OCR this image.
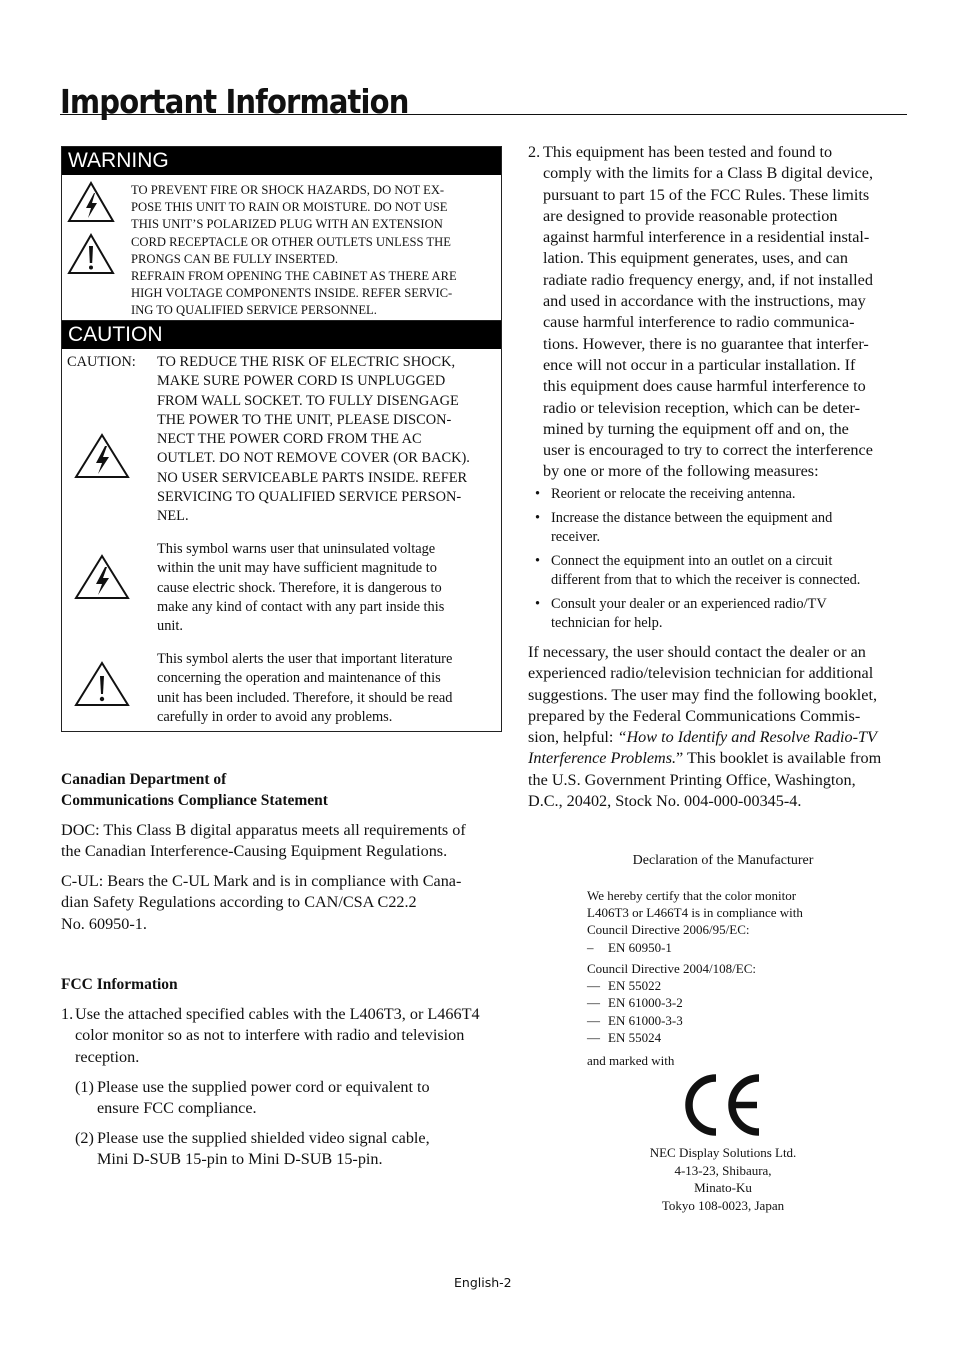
Important Information
WARNING
TO PREVENT FIRE OR SHOCK HAZARDS, DO NOT EX-
POSE THIS UNIT TO RAIN OR MOISTURE. DO NOT USE
THIS UNIT’S POLARIZED PLUG WITH AN EXTENSION
CORD RECEPTACLE OR OTHER OUTLETS UNLESS THE
PRONGS CAN BE FULLY INSERTED.
REFRAIN FROM OPENING THE CABINET AS THERE ARE
HIGH VOLTAGE COMPONENTS INSIDE. REFER SERVIC-
ING TO QUALIFIED SERVICE PERSONNEL.
CAUTION
CAUTION: TO REDUCE THE RISK OF ELECTRIC SHOCK,
MAKE SURE POWER CORD IS UNPLUGGED
FROM WALL SOCKET. TO FULLY DISENGAGE
THE POWER TO THE UNIT, PLEASE DISCON-
NECT THE POWER CORD FROM THE AC
OUTLET. DO NOT REMOVE COVER (OR BACK).
NO USER SERVICEABLE PARTS INSIDE. REFER
SERVICING TO QUALIFIED SERVICE PERSON-
NEL.
This symbol warns user that uninsulated voltage
within the unit may have sufficient magnitude to
cause electric shock. Therefore, it is dangerous to
make any kind of contact with any part inside this
unit.
This symbol alerts the user that important literature
concerning the operation and maintenance of this
unit has been included. Therefore, it should be read
carefully in order to avoid any problems.
Canadian Department of
Communications Compliance Statement
DOC: This Class B digital apparatus meets all requirements of
the Canadian Interference-Causing Equipment Regulations.
C-UL: Bears the C-UL Mark and is in compliance with Cana-
dian Safety Regulations according to CAN/CSA C22.2
No. 60950-1.
FCC Information
1. Use the attached specified cables with the L406T3, or L466T4
color monitor so as not to interfere with radio and television
reception.
(1) Please use the supplied power cord or equivalent to
ensure FCC compliance.
(2) Please use the supplied shielded video signal cable,
Mini D-SUB 15-pin to Mini D-SUB 15-pin.
2. This equipment has been tested and found to
comply with the limits for a Class B digital device,
pursuant to part 15 of the FCC Rules. These limits
are designed to provide reasonable protection
against harmful interference in a residential instal-
lation. This equipment generates, uses, and can
radiate radio frequency energy, and, if not installed
and used in accordance with the instructions, may
cause harmful interference to radio communica-
tions. However, there is no guarantee that interfer-
ence will not occur in a particular installation. If
this equipment does cause harmful interference to
radio or television reception, which can be deter-
mined by turning the equipment off and on, the
user is encouraged to try to correct the interference
by one or more of the following measures:
• Reorient or relocate the receiving antenna.
• Increase the distance between the equipment and
receiver.
• Connect the equipment into an outlet on a circuit
different from that to which the receiver is connected.
• Consult your dealer or an experienced radio/TV
technician for help.
If necessary, the user should contact the dealer or an
experienced radio/television technician for additional
suggestions. The user may find the following booklet,
prepared by the Federal Communications Commis-
sion, helpful: “How to Identify and Resolve Radio-TV
Interference Problems.” This booklet is available from
the U.S. Government Printing Office, Washington,
D.C., 20402, Stock No. 004-000-00345-4.
Declaration of the Manufacturer
We hereby certify that the color monitor
L406T3 or L466T4 is in compliance with
Council Directive 2006/95/EC:
– EN 60950-1
Council Directive 2004/108/EC:
— EN 55022
— EN 61000-3-2
— EN 61000-3-3
— EN 55024
and marked with
NEC Display Solutions Ltd.
4-13-23, Shibaura,
Minato-Ku
Tokyo 108-0023, Japan
English-2
